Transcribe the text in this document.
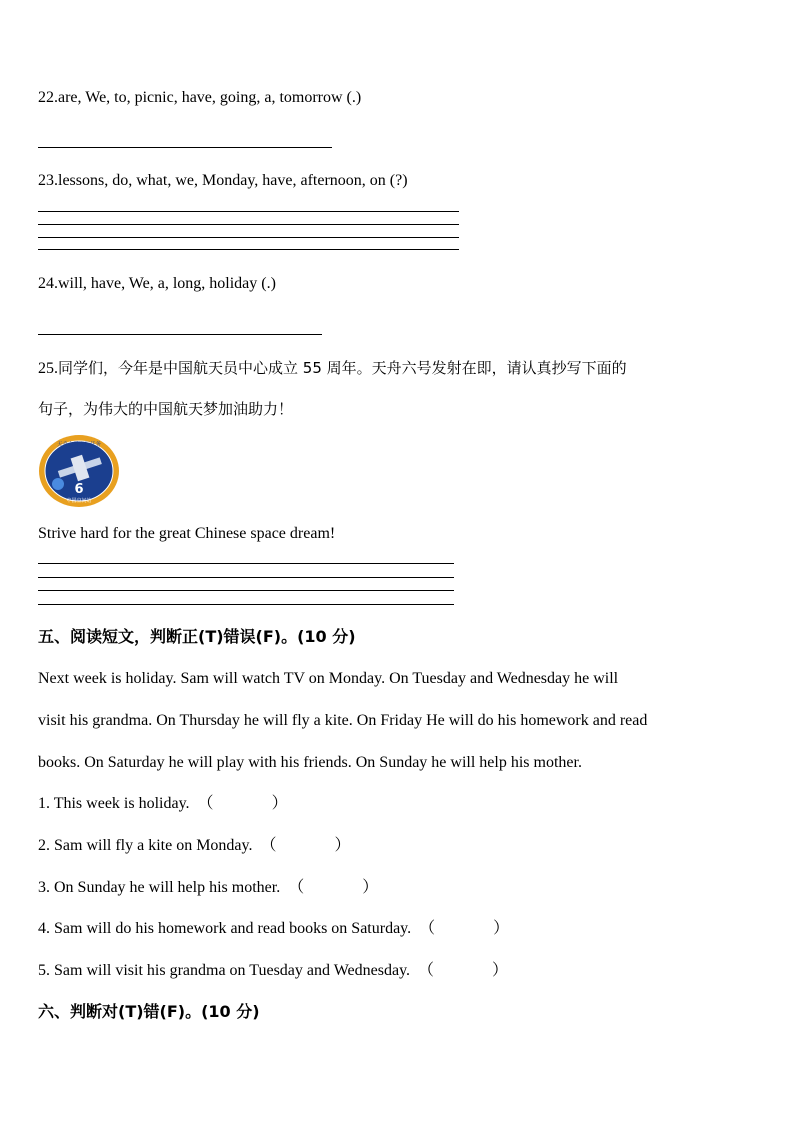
22.are, We, to, picnic, have, going, a, tomorrow (.)
23.lessons, do, what, we, Monday, have, afternoon, on (?)
24.will, have, We, a, long, holiday (.)
25.同学们，今年是中国航天员中心成立 55 周年。天舟六号发射在即，请认真抄写下面的
句子，为伟大的中国航天梦加油助力！
6
天舟六号飞行任务
中国空间站
Strive hard for the great Chinese space dream!
五、阅读短文，判断正(T)错误(F)。(10 分)
Next week is holiday. Sam will watch TV on Monday. On Tuesday and Wednesday he will
visit his grandma. On Thursday he will fly a kite. On Friday He will do his homework and read
books. On Saturday he will play with his friends. On Sunday he will help his mother.
1. This week is holiday. （	）
2. Sam will fly a kite on Monday. （	）
3. On Sunday he will help his mother. （	）
4. Sam will do his homework and read books on Saturday. （	）
5. Sam will visit his grandma on Tuesday and Wednesday. （	）
六、判断对(T)错(F)。(10 分)
